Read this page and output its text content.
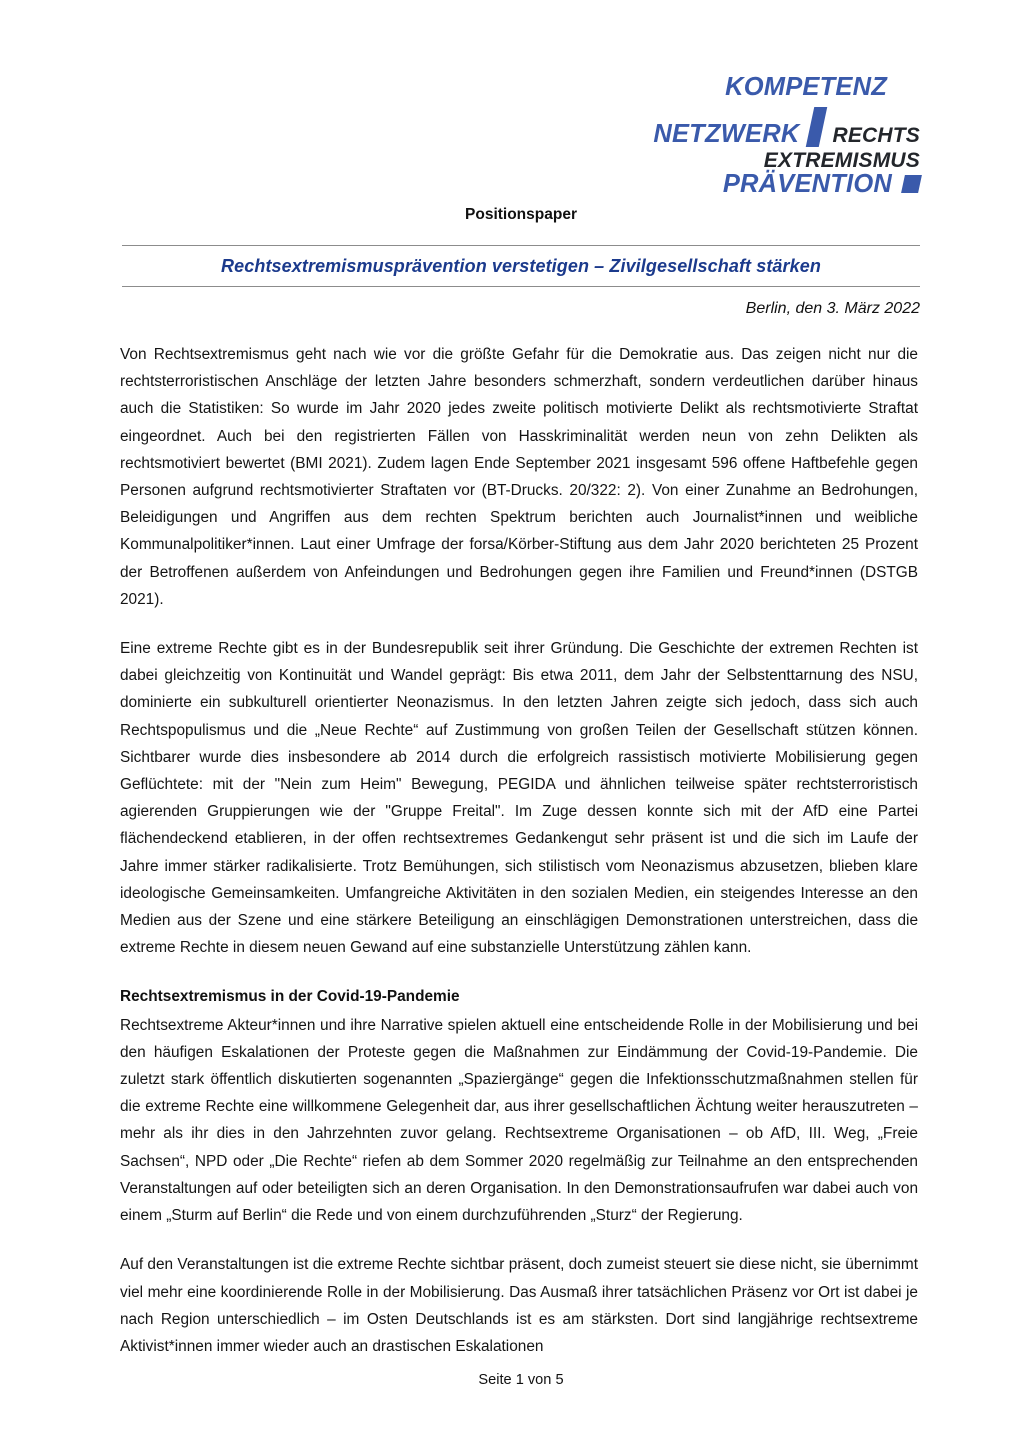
KOMPETENZ
NETZWERK RECHTS
EXTREMISMUS
PRÄVENTION
Positionspaper
Rechtsextremismusprävention verstetigen – Zivilgesellschaft stärken
Berlin, den 3. März 2022

Von Rechtsextremismus geht nach wie vor die größte Gefahr für die Demokratie aus. Das zeigen nicht nur die rechtsterroristischen Anschläge der letzten Jahre besonders schmerzhaft, sondern verdeutlichen darüber hinaus auch die Statistiken: So wurde im Jahr 2020 jedes zweite politisch motivierte Delikt als rechtsmotivierte Straftat eingeordnet. Auch bei den registrierten Fällen von Hasskriminalität werden neun von zehn Delikten als rechtsmotiviert bewertet (BMI 2021). Zudem lagen Ende September 2021 insgesamt 596 offene Haftbefehle gegen Personen aufgrund rechtsmotivierter Straftaten vor (BT-Drucks. 20/322: 2). Von einer Zunahme an Bedrohungen, Beleidigungen und Angriffen aus dem rechten Spektrum berichten auch Journalist*innen und weibliche Kommunalpolitiker*innen. Laut einer Umfrage der forsa/Körber-Stiftung aus dem Jahr 2020 berichteten 25 Prozent der Betroffenen außerdem von Anfeindungen und Bedrohungen gegen ihre Familien und Freund*innen (DSTGB 2021).

Eine extreme Rechte gibt es in der Bundesrepublik seit ihrer Gründung. Die Geschichte der extremen Rechten ist dabei gleichzeitig von Kontinuität und Wandel geprägt: Bis etwa 2011, dem Jahr der Selbstenttarnung des NSU, dominierte ein subkulturell orientierter Neonazismus. In den letzten Jahren zeigte sich jedoch, dass sich auch Rechtspopulismus und die „Neue Rechte“ auf Zustimmung von großen Teilen der Gesellschaft stützen können. Sichtbarer wurde dies insbesondere ab 2014 durch die erfolgreich rassistisch motivierte Mobilisierung gegen Geflüchtete: mit der "Nein zum Heim" Bewegung, PEGIDA und ähnlichen teilweise später rechtsterroristisch agierenden Gruppierungen wie der "Gruppe Freital". Im Zuge dessen konnte sich mit der AfD eine Partei flächendeckend etablieren, in der offen rechtsextremes Gedankengut sehr präsent ist und die sich im Laufe der Jahre immer stärker radikalisierte. Trotz Bemühungen, sich stilistisch vom Neonazismus abzusetzen, blieben klare ideologische Gemeinsamkeiten. Umfangreiche Aktivitäten in den sozialen Medien, ein steigendes Interesse an den Medien aus der Szene und eine stärkere Beteiligung an einschlägigen Demonstrationen unterstreichen, dass die extreme Rechte in diesem neuen Gewand auf eine substanzielle Unterstützung zählen kann.

Rechtsextremismus in der Covid-19-Pandemie

Rechtsextreme Akteur*innen und ihre Narrative spielen aktuell eine entscheidende Rolle in der Mobilisierung und bei den häufigen Eskalationen der Proteste gegen die Maßnahmen zur Eindämmung der Covid-19-Pandemie. Die zuletzt stark öffentlich diskutierten sogenannten „Spaziergänge“ gegen die Infektionsschutzmaßnahmen stellen für die extreme Rechte eine willkommene Gelegenheit dar, aus ihrer gesellschaftlichen Ächtung weiter herauszutreten – mehr als ihr dies in den Jahrzehnten zuvor gelang. Rechtsextreme Organisationen – ob AfD, III. Weg, „Freie Sachsen“, NPD oder „Die Rechte“ riefen ab dem Sommer 2020 regelmäßig zur Teilnahme an den entsprechenden Veranstaltungen auf oder beteiligten sich an deren Organisation. In den Demonstrationsaufrufen war dabei auch von einem „Sturm auf Berlin“ die Rede und von einem durchzuführenden „Sturz“ der Regierung.

Auf den Veranstaltungen ist die extreme Rechte sichtbar präsent, doch zumeist steuert sie diese nicht, sie übernimmt viel mehr eine koordinierende Rolle in der Mobilisierung. Das Ausmaß ihrer tatsächlichen Präsenz vor Ort ist dabei je nach Region unterschiedlich – im Osten Deutschlands ist es am stärksten. Dort sind langjährige rechtsextreme Aktivist*innen immer wieder auch an drastischen Eskalationen

Seite 1 von 5
